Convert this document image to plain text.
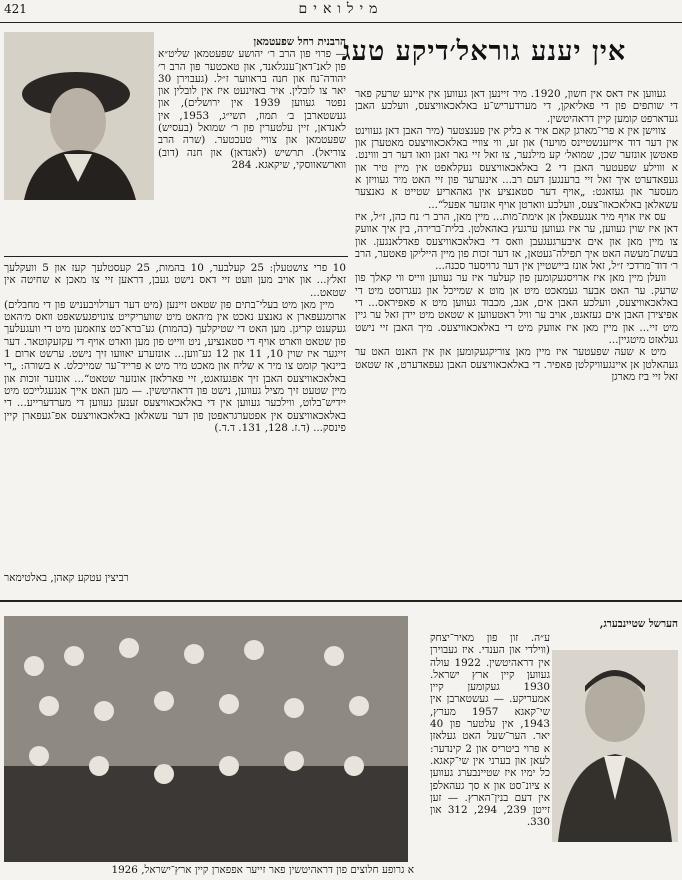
421	מילואים
אין יענע גוראל׳דיקע טעג

געווען איז דאס אין חשון, 1920. מיר זיינען דאן געווען אין איינע שרעק פאר די שותפים פון די פאליאקן, די מערדעריש־ע באלאכאוויצעס, וועלכע האבן געדארפט קומען קיין דראהיטשין.

צווישן אין א פרי־מארגן קאם איר א בליק אין פענצטער (מיר האבן דאן געווינט אין דער דוד אייזענשטיינס מויער) און זע, ווי צוויי באלאכאוויצעס מאטערן און פאטשן אונזער שכן, שמואל׳ קע מילנער, צו זאל זיי גאר זאגן וואו דער רב וווינט. א וווילע שפעטער האבן די 2 באלאכאוויצעס געקלאפט אין מיין טיר און געפאדערט איך זאל זיי ברענגען דעם רב... אינערער פון זיי האט מיר געוויזן א מעסער און געזאגט: „אויף דער סטאנציע אין גאהאריע שטייט א גאנצער עשאלאן באלאכאוו־צעס, וועלכע ווארטן אויף אונזער אפעל“...

עס איז אויף מיר אנגעפאלן אן אימת־מות... מיין מאן, הרב ר׳ נח כהן, ז״ל, איז דאן איז שוין געווען, ער איז געווען ערגעץ באהאלטן. בלית־ברירה, בין איך אוועק צו מיין מאן און אים איבערגעגעבן וואס די באלאכאוויצעס פאדלאנגען. און בעשת־מעשה האט איך תפילה־געטאן, אז דער זכות פון מיין הייליקן פאטער, הרב ר׳ דוד־מרדכי ז״ל, זאל אונז ביישטיין אין דער גרויסער סכנה...

וועלן מיין מאן איז ארויסגעקומען פון קעלער איז ער געווען ווייס ווי קאלך פון שרעק. ער האט אבער געמאכט מיט אן מוט א שמייכל און געגרוסט מיט די באלאכאוויצעס, וועלכע האבן אים, אגב, מכבוד געווען מיט א פאפיראס... די אפיצירן האבן אים געזאגט, אויב ער וויל ראטעווען א שטאט מיט יידן זאל ער גיין מיט זיי... און מיין מאן איז אוועק מיט די באלאכאוויצעס. מיך האבן זיי נישט געלאזט מיטגיין...

מיט א שעה שפעטער איז מיין מאן צוריקגעקומען און אין האנט האט ער געהאלטן אן איינגעוויקלטן פאפיר. די באלאכאוויצעס האבן געפאדערט, אז שטאט זאל זיי ביז מארגן

הרבנית רחל שפעטמאן

— פרוי פון הרב ר׳ יהושע שפעטמאן שליט״א פון לאנ־דאן־ענגלאנד, און טאכטער פון הרב ר׳ יהודה־נח און חנה בראווער ז״ל. (געבוירן 30 יאר צו לובלין. איר באזינעט איז אין לובלין און נפטר געווען 1939 אין ירושלים), און געשטארבן ב׳ תמוז, תשי״ג, 1953, אין לאנדאן, זיין עלטערין פון ר׳ שמואל (בעסיש) שפעטמאן און צוויי טעכטער. (שרה הרב צוריאל). תרשיש (לאנדאן) און חנה (דוב) ווארשאווסקי, שיקאגא. 284

10 פרי צושטעלן: 25 קעלבער, 10 בהמות, 25 קעסטלעך קעז און 5 וועקלעך זאלץ... און אויב מען וועט זיי דאס נישט געבן, דראען זיי צו מאכן א שחיטה אין שטאט...

מיין מאן מיט בעלי־בתים פון שטאט זיינען (מיט דער דערלויבעניש פון די מחבלים) ארומגעפארן א גאנצע נאכט אין מ׳האט מיט שוועריקייט צונויפגעשאפט וואס מ׳האט געקענט קריגן. מען האט די שטיקלעך (בהמות) גע־ברא־כט צוזאמען מיט די וועגעלעך פון שטאט ווארט אויף די סטאנציע, ניט ווייט פון מען ווארט אויף די עקזעקוטאר. דער זייגער איז שוין 10, 11 און 12 גע־ווען... אונזערע יאוועו זיך נישט. ערשט ארום 1 ביינאך קומט צו מיר א שליח און מאכט מיר מיט א פרייד־ער שמייכלט. א בשורה: „די באלאכאוויצעס האבן זיך אפגעזאגט, זיי פארלאזן אונזער שטאט“... אונזער זוכות און מיין שטעט זיך מציל געווען, נישט פון דראהיטשין. — מען האט אייך אנגעגלייכט מיט יידיש־בלוט, ווילכער געווען אין די באלאכאוויצעס זענען געווען די מערדערייע... די באלאכאוויצעס אין אפטערגראפטן פון דער עשאלאן באלאכאוויצעס אפ־געפארן קיין פינסק... (ד.ז. 128, 131. ד.ד.)

רביצין עטקע קאהן, באלטימאר
א גרופע חלוצים פון דראהיטשין פאר זייער אפפארן קיין ארץ־ישראל, 1926

הערשל שטיינבערג,

ע״ה. זון פון מאיר־יצחק (ווילדי און הענדי. איז געבוירן אין דראהיטשין. 1922 עולה געווען קיין ארץ ישראל. 1930 געקומען קיין אמעריקע. — געשטארבן אין שי־קאגא 1957 מערץ, 1943, אין עלטער פון 40 יאר. הער־שעל האט געלאזן א פרוי ביטריס און 2 קינדער: לעאן און בערני אין שי־קאגא. כל ימיו איז שטיינבערג געווען א ציונ־סט און א סך געהאלפן אין דעם בנין־הארץ. — זען זייטן 239, 294, 312 און 330.
